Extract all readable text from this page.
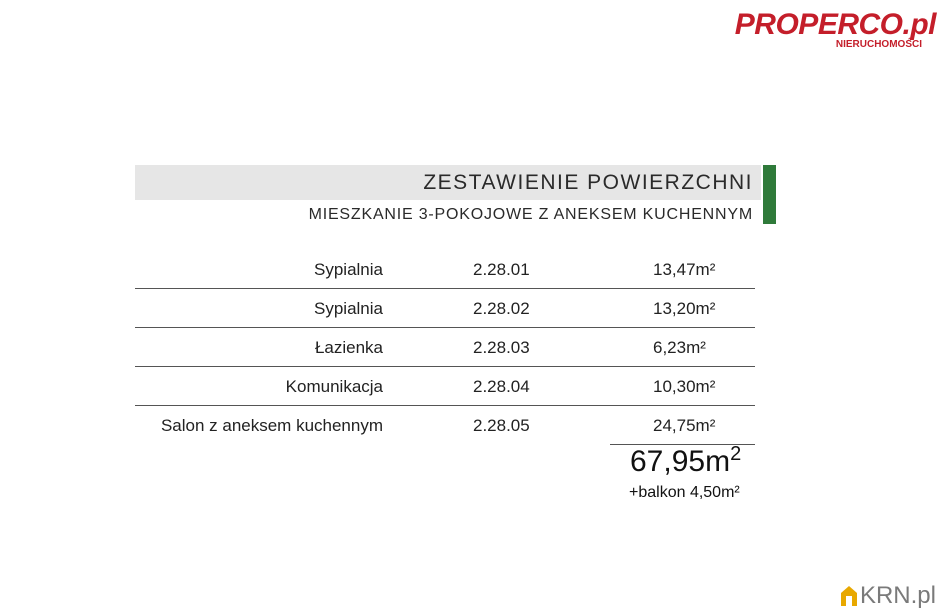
PROPERCO.pl
NIERUCHOMOŚCI
ZESTAWIENIE POWIERZCHNI
MIESZKANIE 3-POKOJOWE Z ANEKSEM KUCHENNYM
Sypialnia	2.28.01	13,47m²
Sypialnia	2.28.02	13,20m²
Łazienka	2.28.03	6,23m²
Komunikacja	2.28.04	10,30m²
Salon z aneksem kuchennym	2.28.05	24,75m²
$67,95m^2$
+balkon 4,50m²
KRN.pl
